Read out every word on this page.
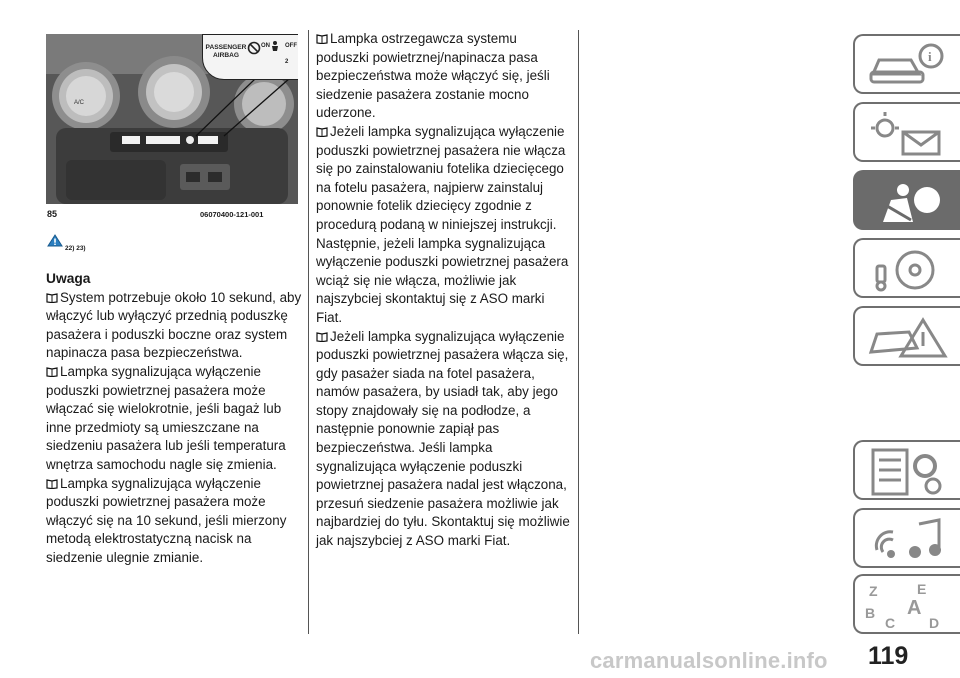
A/C
PASSENGER
AIRBAG
ON	OFF
2
85	06070400-121-001
22) 23)

Uwaga

System potrzebuje około 10 sekund, aby włączyć lub wyłączyć przednią poduszkę pasażera i poduszki boczne oraz system napinacza pasa bezpieczeństwa.

Lampka sygnalizująca wyłączenie poduszki powietrznej pasażera może włączać się wielokrotnie, jeśli bagaż lub inne przedmioty są umieszczane na siedzeniu pasażera lub jeśli temperatura wnętrza samochodu nagle się zmienia.

Lampka sygnalizująca wyłączenie poduszki powietrznej pasażera może włączyć się na 10 sekund, jeśli mierzony metodą elektrostatyczną nacisk na siedzenie ulegnie zmianie.

Lampka ostrzegawcza systemu poduszki powietrznej/napinacza pasa bezpieczeństwa może włączyć się, jeśli siedzenie pasażera zostanie mocno uderzone.

Jeżeli lampka sygnalizująca wyłączenie poduszki powietrznej pasażera nie włącza się po zainstalowaniu fotelika dziecięcego na fotelu pasażera, najpierw zainstaluj ponownie fotelik dziecięcy zgodnie z procedurą podaną w niniejszej instrukcji. Następnie, jeżeli lampka sygnalizująca wyłączenie poduszki powietrznej pasażera wciąż się nie włącza, możliwie jak najszybciej skontaktuj się z ASO marki Fiat.

Jeżeli lampka sygnalizująca wyłączenie poduszki powietrznej pasażera włącza się, gdy pasażer siada na fotel pasażera, namów pasażera, by usiadł tak, aby jego stopy znajdowały się na podłodze, a następnie ponownie zapiął pas bezpieczeństwa. Jeśli lampka sygnalizująca wyłączenie poduszki powietrznej pasażera nadal jest włączona, przesuń siedzenie pasażera możliwie jak najbardziej do tyłu. Skontaktuj się możliwie jak najszybciej z ASO marki Fiat.

i
Z	E
B A
C D
carmanualsonline.info 119
